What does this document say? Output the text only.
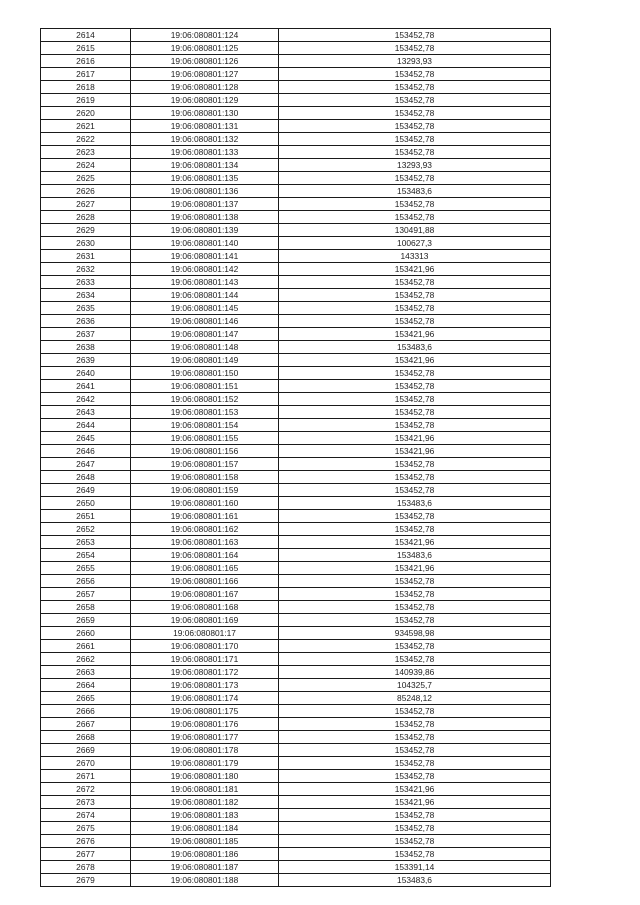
2614	19:06:080801:124	153452,78
2615	19:06:080801:125	153452,78
2616	19:06:080801:126	13293,93
2617	19:06:080801:127	153452,78
2618	19:06:080801:128	153452,78
2619	19:06:080801:129	153452,78
2620	19:06:080801:130	153452,78
2621	19:06:080801:131	153452,78
2622	19:06:080801:132	153452,78
2623	19:06:080801:133	153452,78
2624	19:06:080801:134	13293,93
2625	19:06:080801:135	153452,78
2626	19:06:080801:136	153483,6
2627	19:06:080801:137	153452,78
2628	19:06:080801:138	153452,78
2629	19:06:080801:139	130491,88
2630	19:06:080801:140	100627,3
2631	19:06:080801:141	143313
2632	19:06:080801:142	153421,96
2633	19:06:080801:143	153452,78
2634	19:06:080801:144	153452,78
2635	19:06:080801:145	153452,78
2636	19:06:080801:146	153452,78
2637	19:06:080801:147	153421,96
2638	19:06:080801:148	153483,6
2639	19:06:080801:149	153421,96
2640	19:06:080801:150	153452,78
2641	19:06:080801:151	153452,78
2642	19:06:080801:152	153452,78
2643	19:06:080801:153	153452,78
2644	19:06:080801:154	153452,78
2645	19:06:080801:155	153421,96
2646	19:06:080801:156	153421,96
2647	19:06:080801:157	153452,78
2648	19:06:080801:158	153452,78
2649	19:06:080801:159	153452,78
2650	19:06:080801:160	153483,6
2651	19:06:080801:161	153452,78
2652	19:06:080801:162	153452,78
2653	19:06:080801:163	153421,96
2654	19:06:080801:164	153483,6
2655	19:06:080801:165	153421,96
2656	19:06:080801:166	153452,78
2657	19:06:080801:167	153452,78
2658	19:06:080801:168	153452,78
2659	19:06:080801:169	153452,78
2660	19:06:080801:17	934598,98
2661	19:06:080801:170	153452,78
2662	19:06:080801:171	153452,78
2663	19:06:080801:172	140939,86
2664	19:06:080801:173	104325,7
2665	19:06:080801:174	85248,12
2666	19:06:080801:175	153452,78
2667	19:06:080801:176	153452,78
2668	19:06:080801:177	153452,78
2669	19:06:080801:178	153452,78
2670	19:06:080801:179	153452,78
2671	19:06:080801:180	153452,78
2672	19:06:080801:181	153421,96
2673	19:06:080801:182	153421,96
2674	19:06:080801:183	153452,78
2675	19:06:080801:184	153452,78
2676	19:06:080801:185	153452,78
2677	19:06:080801:186	153452,78
2678	19:06:080801:187	153391,14
2679	19:06:080801:188	153483,6
